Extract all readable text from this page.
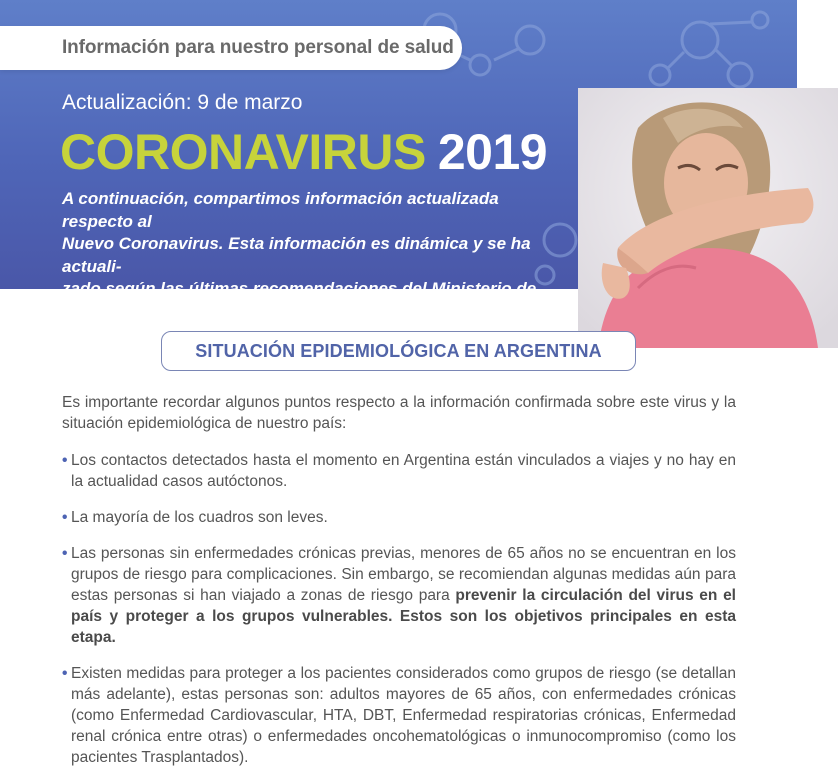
Información para nuestro personal de salud
Actualización: 9 de marzo
CORONAVIRUS 2019
A continuación, compartimos información actualizada respecto al
Nuevo Coronavirus. Esta información es dinámica y se ha actuali-
zado según las últimas recomendaciones del Ministerio de Salud.
SITUACIÓN EPIDEMIOLÓGICA EN ARGENTINA

Es importante recordar algunos puntos respecto a la información confirmada sobre este virus y la situación epidemiológica de nuestro país:

• Los contactos detectados hasta el momento en Argentina están vinculados a viajes y no hay en la actualidad casos autóctonos.
• La mayoría de los cuadros son leves.
• Las personas sin enfermedades crónicas previas, menores de 65 años no se encuentran en los grupos de riesgo para complicaciones. Sin embargo, se recomiendan algunas medidas aún para estas personas si han viajado a zonas de riesgo para prevenir la circulación del virus en el país y proteger a los grupos vulnerables. Estos son los objetivos principales en esta etapa.
• Existen medidas para proteger a los pacientes considerados como grupos de riesgo (se detallan más adelante), estas personas son: adultos mayores de 65 años, con enfermedades crónicas (como Enfermedad Cardiovascular, HTA, DBT, Enfermedad respiratorias crónicas, Enfermedad renal crónica entre otras) o enfermedades oncohematológicas o inmunocompromiso (como los pacientes Trasplantados).
